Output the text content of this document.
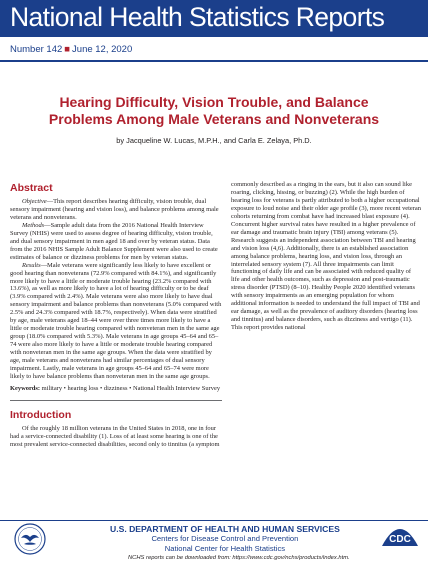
National Health Statistics Reports
Number 142 ■ June 12, 2020
Hearing Difficulty, Vision Trouble, and Balance
Problems Among Male Veterans and Nonveterans
by Jacqueline W. Lucas, M.P.H., and Carla E. Zelaya, Ph.D.
Abstract

Objective—This report describes hearing difficulty, vision trouble, dual sensory impairment (hearing and vision loss), and balance problems among male veterans and nonveterans.

Methods—Sample adult data from the 2016 National Health Interview Survey (NHIS) were used to assess degree of hearing difficulty, vision trouble, and dual sensory impairment in men aged 18 and over by veteran status. Data from the 2016 NHIS Sample Adult Balance Supplement were also used to create estimates of balance or dizziness problems for men by veteran status.

Results—Male veterans were significantly less likely to have excellent or good hearing than nonveterans (72.9% compared with 84.1%), and significantly more likely to have a little or moderate trouble hearing (23.2% compared with 13.6%), as well as more likely to have a lot of hearing difficulty or to be deaf (3.9% compared with 2.4%). Male veterans were also more likely to have dual sensory impairment and balance problems than nonveterans (5.0% compared with 2.5% and 24.3% compared with 18.7%, respectively). When data were stratified by age, male veterans aged 18–44 were over three times more likely to have a little or moderate trouble hearing compared with nonveteran men in the same age group (18.0% compared with 5.3%). Male veterans in age groups 45–64 and 65–74 were also more likely to have a little or moderate trouble hearing compared with nonveteran men in the same age groups. When the data were stratified by age, male veterans and nonveterans had similar percentages of dual sensory impairment. Lastly, male veterans in age groups 45–64 and 65–74 were more likely to have balance problems than nonveteran men in the same age groups.

Keywords: military • hearing loss • dizziness • National Health Interview Survey

Introduction

Of the roughly 18 million veterans in the United States in 2018, one in four had a service-connected disability (1). Loss of at least some hearing is one of the most prevalent service-connected disabilities, second only to tinnitus (a symptom

commonly described as a ringing in the ears, but it also can sound like roaring, clicking, hissing, or buzzing) (2). While the high burden of hearing loss for veterans is partly attributed to both a higher occupational exposure to loud noise and their older age profile (3), more recent veteran cohorts returning from combat have had increased blast exposure (4). Concurrent higher survival rates have resulted in a higher prevalence of ear damage and traumatic brain injury (TBI) among veterans (5). Research suggests an independent association between TBI and hearing and vision loss (4,6). Additionally, there is an established association among balance problems, hearing loss, and vision loss, through an interrelated sensory system (7). All three impairments can limit functioning of daily life and can be associated with reduced quality of life and other health outcomes, such as depression and post-traumatic stress disorder (PTSD) (8–10). Healthy People 2020 identified veterans with sensory impairments as an emerging population for whom additional information is needed to understand the full impact of TBI and ear damage, as well as the prevalence of auditory disorders (hearing loss and tinnitus) and balance disorders, such as dizziness and vertigo (11). This report provides national

U.S. DEPARTMENT OF HEALTH AND HUMAN SERVICES
Centers for Disease Control and Prevention
National Center for Health Statistics
CDC
NCHS reports can be downloaded from: https://www.cdc.gov/nchs/products/index.htm.
